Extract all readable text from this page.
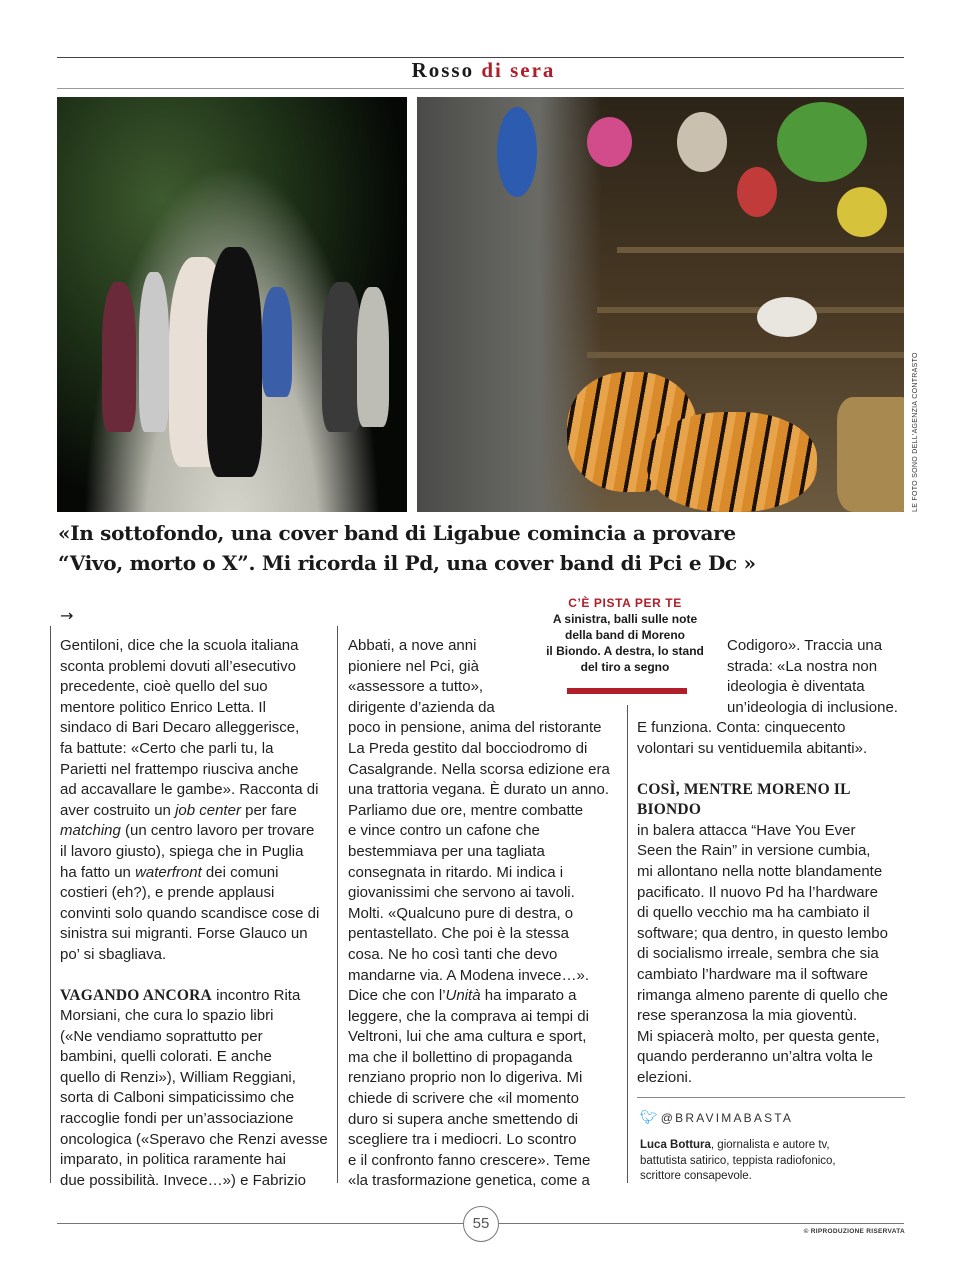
Rosso di sera
LE FOTO SONO DELL'AGENZIA CONTRASTO
«In sottofondo, una cover band di Ligabue comincia a provare
“Vivo, morto o X”. Mi ricorda il Pd, una cover band di Pci e Dc »
→

Gentiloni, dice che la scuola italiana
sconta problemi dovuti all’esecutivo
precedente, cioè quello del suo
mentore politico Enrico Letta. Il
sindaco di Bari Decaro alleggerisce,
fa battute: «Certo che parli tu, la
Parietti nel frattempo riusciva anche
ad accavallare le gambe». Racconta di
aver costruito un job center per fare
matching (un centro lavoro per trovare
il lavoro giusto), spiega che in Puglia
ha fatto un waterfront dei comuni
costieri (eh?), e prende applausi
convinti solo quando scandisce cose di
sinistra sui migranti. Forse Glauco un
po’ si sbagliava.

VAGANDO ANCORA incontro Rita
Morsiani, che cura lo spazio libri
(«Ne vendiamo soprattutto per
bambini, quelli colorati. E anche
quello di Renzi»), William Reggiani,
sorta di Calboni simpaticissimo che
raccoglie fondi per un’associazione
oncologica («Speravo che Renzi avesse
imparato, in politica raramente hai
due possibilità. Invece…») e Fabrizio

Abbati, a nove anni
pioniere nel Pci, già
«assessore a tutto»,
dirigente d’azienda da
poco in pensione, anima del ristorante
La Preda gestito dal bocciodromo di
Casalgrande. Nella scorsa edizione era
una trattoria vegana. È durato un anno.
Parliamo due ore, mentre combatte
e vince contro un cafone che
bestemmiava per una tagliata
consegnata in ritardo. Mi indica i
giovanissimi che servono ai tavoli.
Molti. «Qualcuno pure di destra, o
pentastellato. Che poi è la stessa
cosa. Ne ho così tanti che devo
mandarne via. A Modena invece…».
Dice che con l’Unità ha imparato a
leggere, che la comprava ai tempi di
Veltroni, lui che ama cultura e sport,
ma che il bollettino di propaganda
renziano proprio non lo digeriva. Mi
chiede di scrivere che «il momento
duro si supera anche smettendo di
scegliere tra i mediocri. Lo scontro
e il confronto fanno crescere». Teme
«la trasformazione genetica, come a

C’È PISTA PER TE
A sinistra, balli sulle note
della band di Moreno
il Biondo. A destra, lo stand
del tiro a segno

Codigoro». Traccia una
strada: «La nostra non
ideologia è diventata
un’ideologia di inclusione.
E funziona. Conta: cinquecento
volontari su ventiduemila abitanti».

COSÌ, MENTRE MORENO IL BIONDO
in balera attacca “Have You Ever
Seen the Rain” in versione cumbia,
mi allontano nella notte blandamente
pacificato. Il nuovo Pd ha l’hardware
di quello vecchio ma ha cambiato il
software; qua dentro, in questo lembo
di socialismo irreale, sembra che sia
cambiato l’hardware ma il software
rimanga almeno parente di quello che
rese speranzosa la mia gioventù.
Mi spiacerà molto, per questa gente,
quando perderanno un’altra volta le
elezioni.

🐦︎ @BRAVIMABASTA
Luca Bottura, giornalista e autore tv,
battutista satirico, teppista radiofonico,
scrittore consapevole.
55	© RIPRODUZIONE RISERVATA
